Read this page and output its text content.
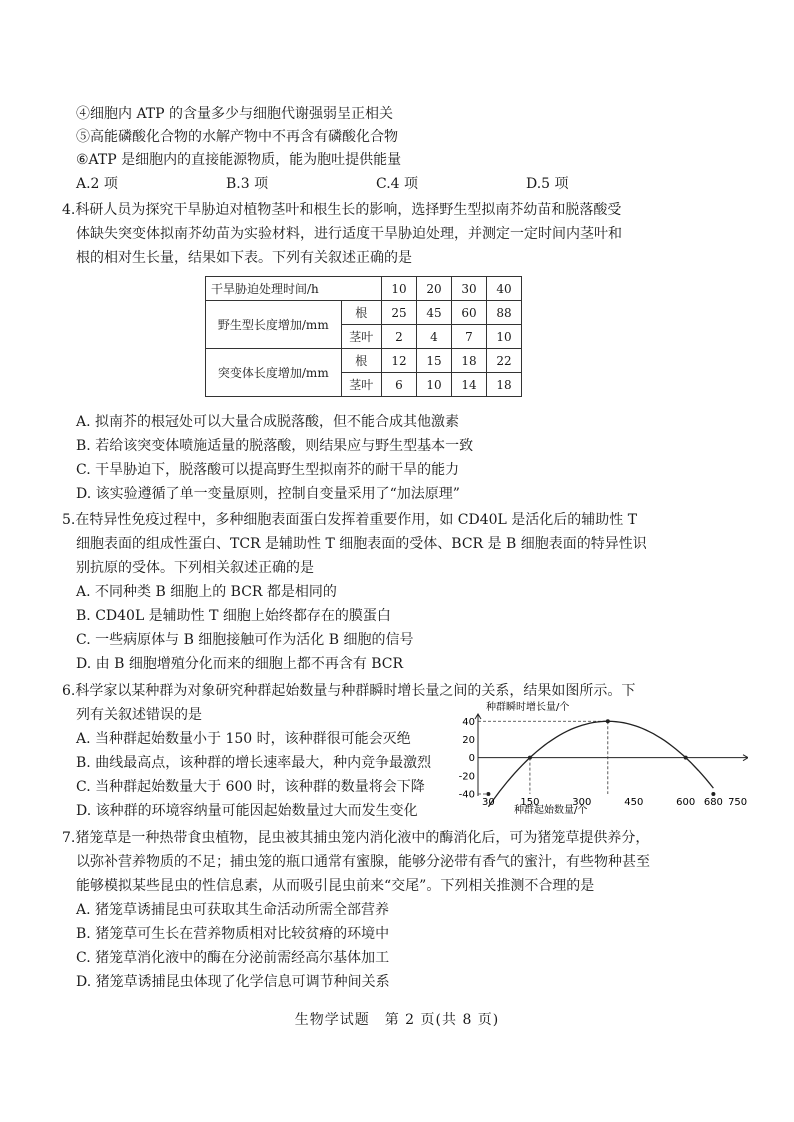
④细胞内 ATP 的含量多少与细胞代谢强弱呈正相关
⑤高能磷酸化合物的水解产物中不再含有磷酸化合物
⑥ATP 是细胞内的直接能源物质，能为胞吐提供能量
A.2 项	B.3 项	C.4 项	D.5 项
4.科研人员为探究干旱胁迫对植物茎叶和根生长的影响，选择野生型拟南芥幼苗和脱落酸受
体缺失突变体拟南芥幼苗为实验材料，进行适度干旱胁迫处理，并测定一定时间内茎叶和
根的相对生长量，结果如下表。下列有关叙述正确的是
干旱胁迫处理时间/h		10	20	30	40
野生型长度增加/mm	根	25	45	60	88
	茎叶	2	4	7	10
突变体长度增加/mm	根	12	15	18	22
	茎叶	6	10	14	18
A. 拟南芥的根冠处可以大量合成脱落酸，但不能合成其他激素
B. 若给该突变体喷施适量的脱落酸，则结果应与野生型基本一致
C. 干旱胁迫下，脱落酸可以提高野生型拟南芥的耐干旱的能力
D. 该实验遵循了单一变量原则，控制自变量采用了“加法原理”
5.在特异性免疫过程中，多种细胞表面蛋白发挥着重要作用，如 CD40L 是活化后的辅助性 T
细胞表面的组成性蛋白、TCR 是辅助性 T 细胞表面的受体、BCR 是 B 细胞表面的特异性识
别抗原的受体。下列相关叙述正确的是
A. 不同种类 B 细胞上的 BCR 都是相同的
B. CD40L 是辅助性 T 细胞上始终都存在的膜蛋白
C. 一些病原体与 B 细胞接触可作为活化 B 细胞的信号
D. 由 B 细胞增殖分化而来的细胞上都不再含有 BCR
6.科学家以某种群为对象研究种群起始数量与种群瞬时增长量之间的关系，结果如图所示。下
列有关叙述错误的是
A. 当种群起始数量小于 150 时，该种群很可能会灭绝
B. 曲线最高点，该种群的增长速率最大，种内竞争最激烈
C. 当种群起始数量大于 600 时，该种群的数量将会下降
D. 该种群的环境容纳量可能因起始数量过大而发生变化
40
20
0
-20
-40
30	150	300	450	600 680 750
种群瞬时增长量/个
种群起始数量/个
7.猪笼草是一种热带食虫植物，昆虫被其捕虫笼内消化液中的酶消化后，可为猪笼草提供养分，
以弥补营养物质的不足；捕虫笼的瓶口通常有蜜腺，能够分泌带有香气的蜜汁，有些物种甚至
能够模拟某些昆虫的性信息素，从而吸引昆虫前来“交尾”。下列相关推测不合理的是
A. 猪笼草诱捕昆虫可获取其生命活动所需全部营养
B. 猪笼草可生长在营养物质相对比较贫瘠的环境中
C. 猪笼草消化液中的酶在分泌前需经高尔基体加工
D. 猪笼草诱捕昆虫体现了化学信息可调节种间关系
生物学试题　第 2 页(共 8 页)
